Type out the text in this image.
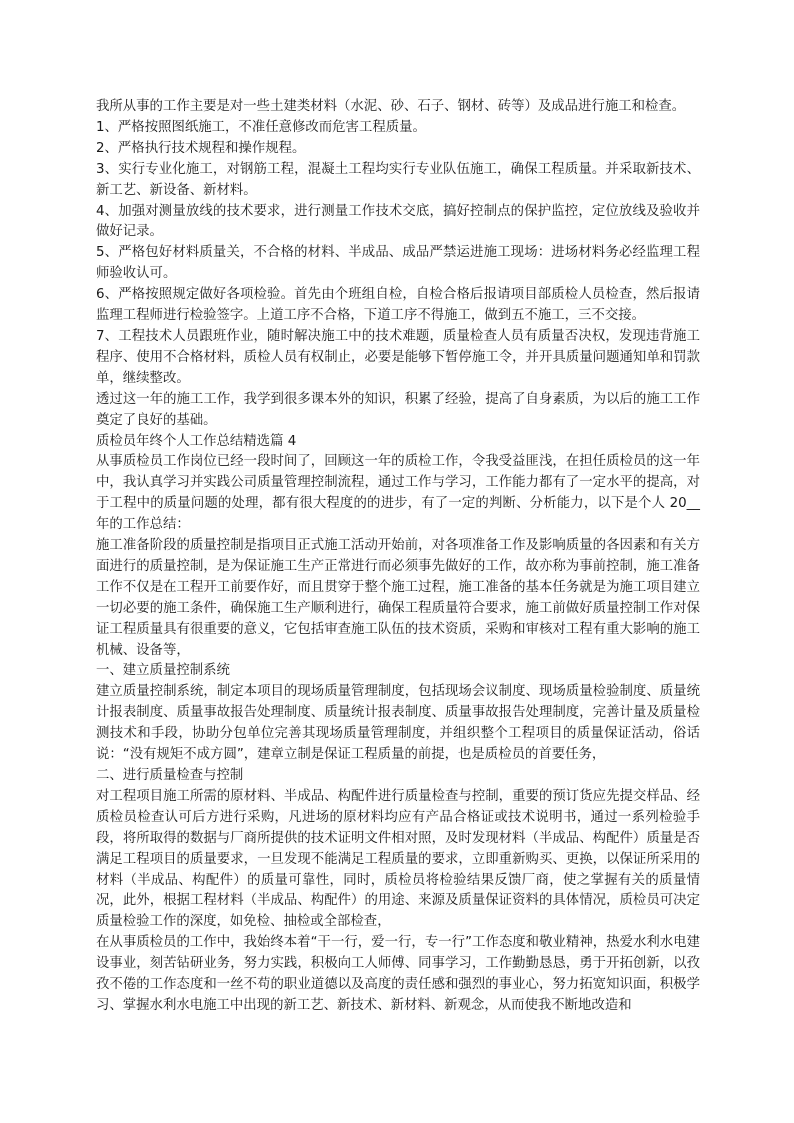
我所从事的工作主要是对一些土建类材料（水泥、砂、石子、钢材、砖等）及成品进行施工和检查。

1、严格按照图纸施工，不准任意修改而危害工程质量。

2、严格执行技术规程和操作规程。

3、实行专业化施工，对钢筋工程，混凝土工程均实行专业队伍施工，确保工程质量。并采取新技术、新工艺、新设备、新材料。

4、加强对测量放线的技术要求，进行测量工作技术交底，搞好控制点的保护监控，定位放线及验收并做好记录。

5、严格包好材料质量关，不合格的材料、半成品、成品严禁运进施工现场：进场材料务必经监理工程师验收认可。

6、严格按照规定做好各项检验。首先由个班组自检，自检合格后报请项目部质检人员检查，然后报请监理工程师进行检验签字。上道工序不合格，下道工序不得施工，做到五不施工，三不交接。

7、工程技术人员跟班作业，随时解决施工中的技术难题，质量检查人员有质量否决权，发现违背施工程序、使用不合格材料，质检人员有权制止，必要是能够下暂停施工令，并开具质量问题通知单和罚款单，继续整改。

透过这一年的施工工作，我学到很多课本外的知识，积累了经验，提高了自身素质，为以后的施工工作奠定了良好的基础。

质检员年终个人工作总结精选篇 4

从事质检员工作岗位已经一段时间了，回顾这一年的质检工作，令我受益匪浅，在担任质检员的这一年中，我认真学习并实践公司质量管理控制流程，通过工作与学习，工作能力都有了一定水平的提高，对于工程中的质量问题的处理，都有很大程度的的进步，有了一定的判断、分析能力，以下是个人 20__年的工作总结：

施工准备阶段的质量控制是指项目正式施工活动开始前，对各项准备工作及影响质量的各因素和有关方面进行的质量控制，是为保证施工生产正常进行而必须事先做好的工作，故亦称为事前控制，施工准备工作不仅是在工程开工前要作好，而且贯穿于整个施工过程，施工准备的基本任务就是为施工项目建立一切必要的施工条件，确保施工生产顺利进行，确保工程质量符合要求，施工前做好质量控制工作对保证工程质量具有很重要的意义，它包括审查施工队伍的技术资质，采购和审核对工程有重大影响的施工机械、设备等，

一、建立质量控制系统

建立质量控制系统，制定本项目的现场质量管理制度，包括现场会议制度、现场质量检验制度、质量统计报表制度、质量事故报告处理制度、质量统计报表制度、质量事故报告处理制度，完善计量及质量检测技术和手段，协助分包单位完善其现场质量管理制度，并组织整个工程项目的质量保证活动，俗话说：“没有规矩不成方圆”，建章立制是保证工程质量的前提，也是质检员的首要任务，

二、进行质量检查与控制

对工程项目施工所需的原材料、半成品、构配件进行质量检查与控制，重要的预订货应先提交样品、经质检员检查认可后方进行采购，凡进场的原材料均应有产品合格证或技术说明书，通过一系列检验手段，将所取得的数据与厂商所提供的技术证明文件相对照，及时发现材料（半成品、构配件）质量是否满足工程项目的质量要求，一旦发现不能满足工程质量的要求，立即重新购买、更换，以保证所采用的材料（半成品、构配件）的质量可靠性，同时，质检员将检验结果反馈厂商，使之掌握有关的质量情况，此外，根据工程材料（半成品、构配件）的用途、来源及质量保证资料的具体情况，质检员可决定质量检验工作的深度，如免检、抽检或全部检查，

在从事质检员的工作中，我始终本着“干一行，爱一行，专一行”工作态度和敬业精神，热爱水利水电建设事业，刻苦钻研业务，努力实践，积极向工人师傅、同事学习，工作勤勤恳恳，勇于开拓创新，以孜孜不倦的工作态度和一丝不苟的职业道德以及高度的责任感和强烈的事业心，努力拓宽知识面，积极学习、掌握水利水电施工中出现的新工艺、新技术、新材料、新观念，从而使我不断地改造和
